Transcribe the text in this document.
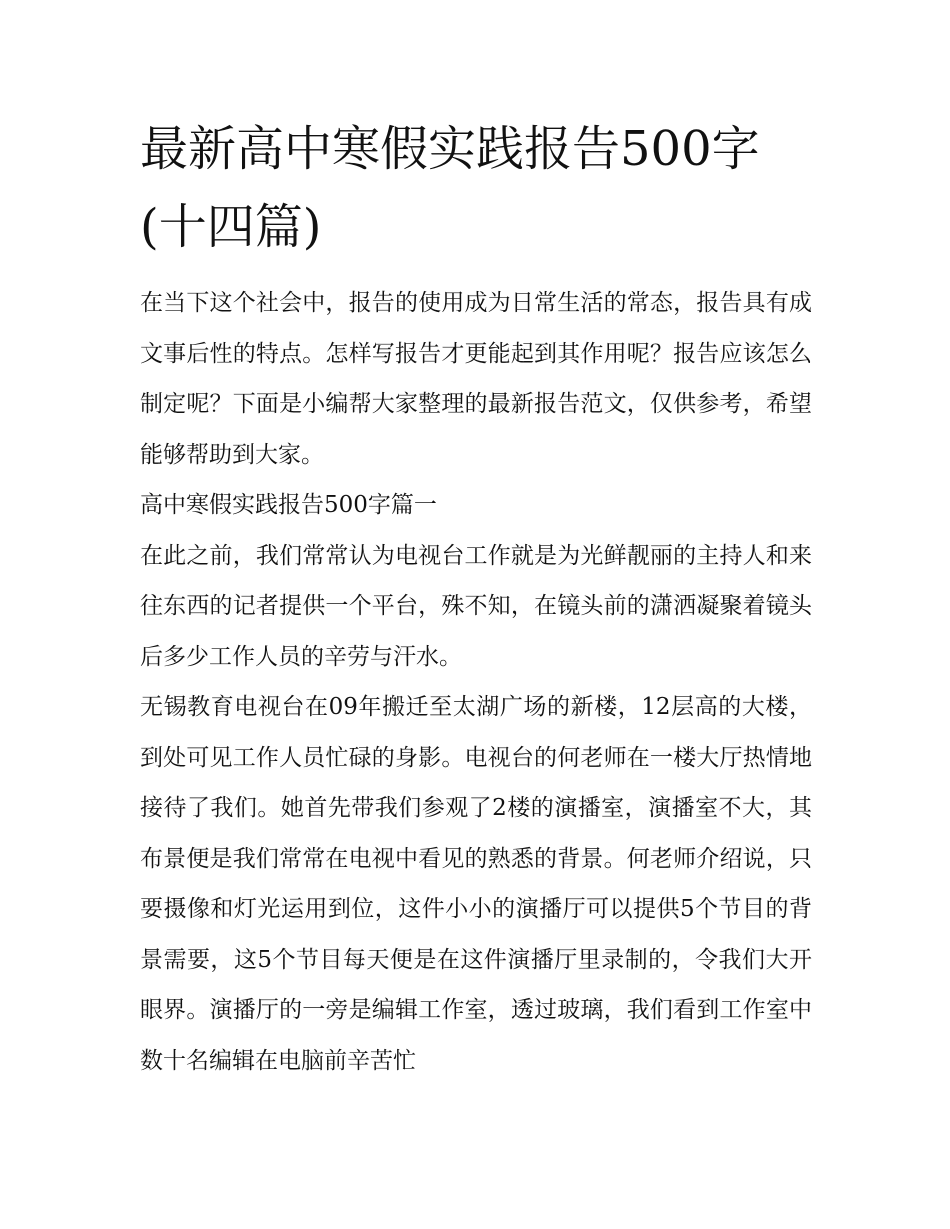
最新高中寒假实践报告500字(十四篇)

在当下这个社会中，报告的使用成为日常生活的常态，报告具有成文事后性的特点。怎样写报告才更能起到其作用呢？报告应该怎么制定呢？下面是小编帮大家整理的最新报告范文，仅供参考，希望能够帮助到大家。

高中寒假实践报告500字篇一

在此之前，我们常常认为电视台工作就是为光鲜靓丽的主持人和来往东西的记者提供一个平台，殊不知，在镜头前的潇洒凝聚着镜头后多少工作人员的辛劳与汗水。

无锡教育电视台在09年搬迁至太湖广场的新楼，12层高的大楼，到处可见工作人员忙碌的身影。电视台的何老师在一楼大厅热情地接待了我们。她首先带我们参观了2楼的演播室，演播室不大，其布景便是我们常常在电视中看见的熟悉的背景。何老师介绍说，只要摄像和灯光运用到位，这件小小的演播厅可以提供5个节目的背景需要，这5个节目每天便是在这件演播厅里录制的，令我们大开眼界。演播厅的一旁是编辑工作室，透过玻璃，我们看到工作室中数十名编辑在电脑前辛苦忙
